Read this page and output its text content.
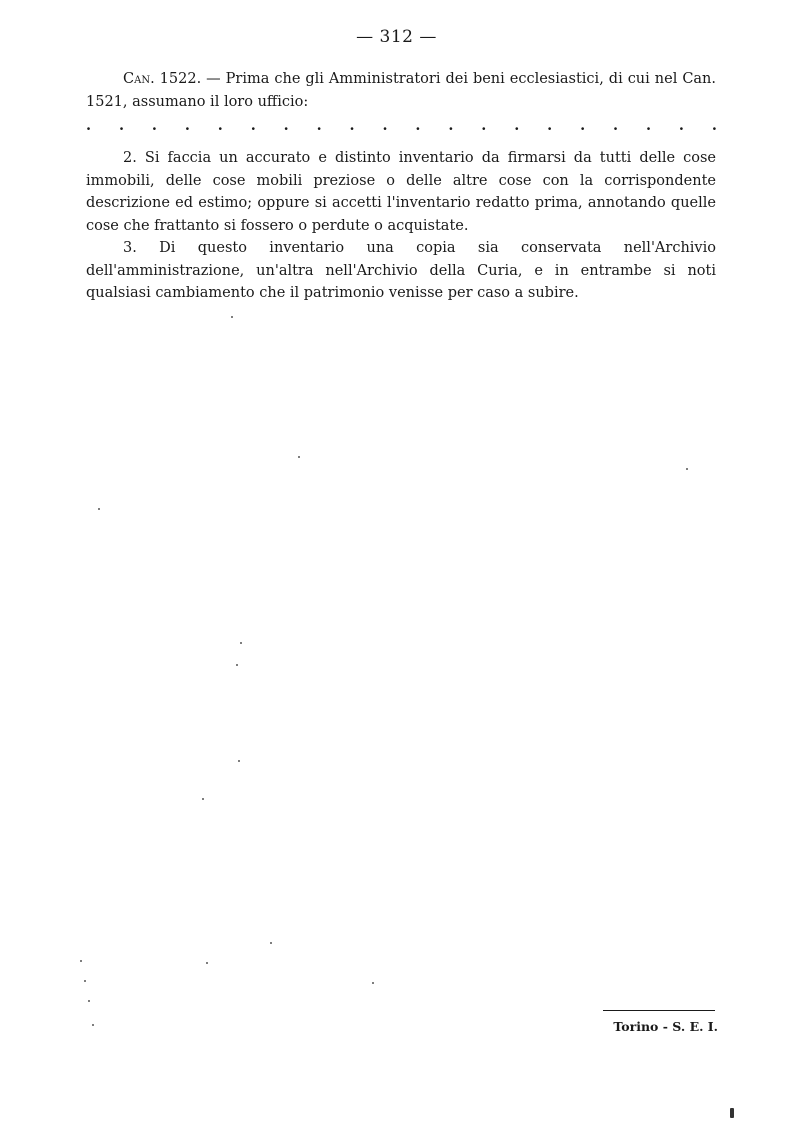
— 312 —

Can. 1522. — Prima che gli Amministratori dei beni ecclesiastici, di cui nel Can. 1521, assumano il loro ufficio:

. . . . . . . . . . . . . . . . . . . .

2. Si faccia un accurato e distinto inventario da firmarsi da tutti delle cose immobili, delle cose mobili preziose o delle altre cose con la corrispondente descrizione ed estimo; oppure si accetti l'inventario redatto prima, annotando quelle cose che frattanto si fossero o perdute o acquistate.

3. Di questo inventario una copia sia conservata nell'Archivio dell'amministrazione, un'altra nell'Archivio della Curia, e in entrambe si noti qualsiasi cambiamento che il patrimonio venisse per caso a subire.

Torino - S. E. I.
